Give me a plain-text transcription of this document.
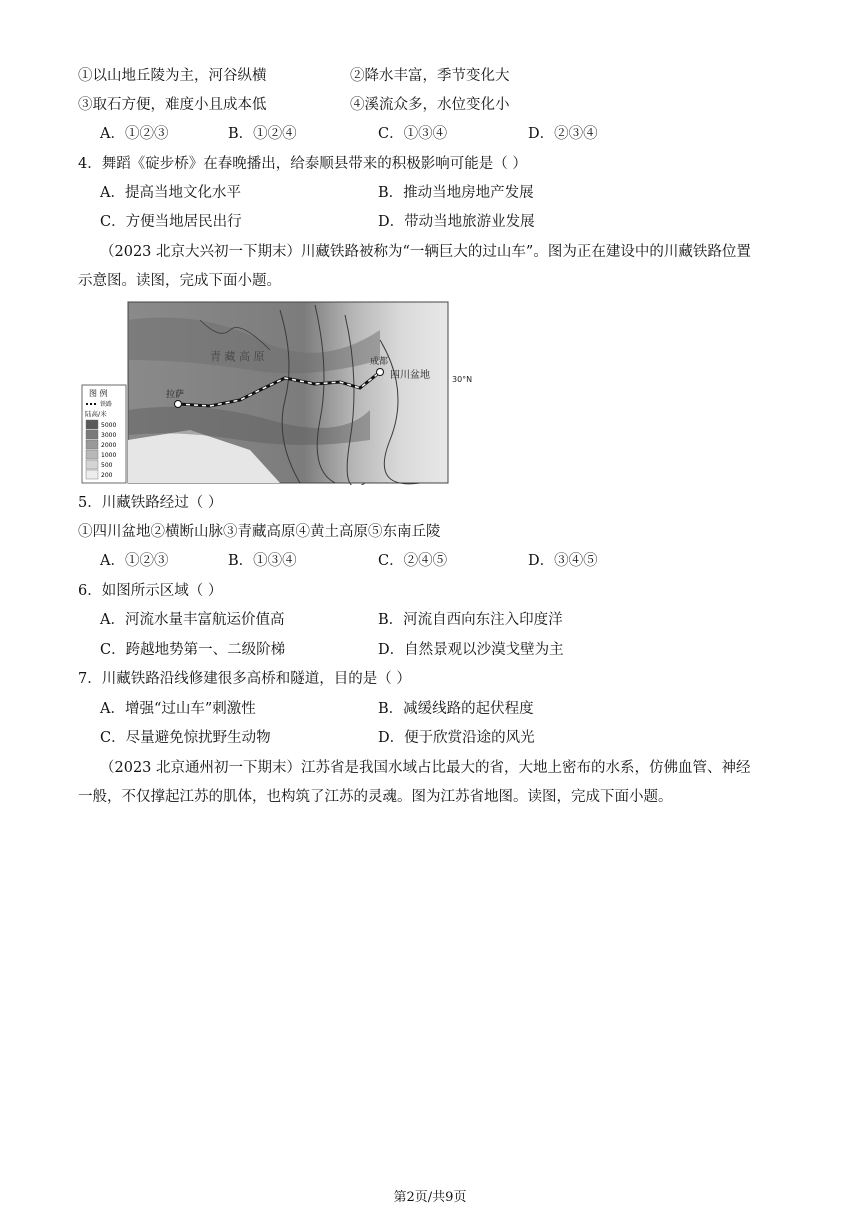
①以山地丘陵为主，河谷纵横	②降水丰富，季节变化大
③取石方便，难度小且成本低	④溪流众多，水位变化小
A．①②③	B．①②④	C．①③④	D．②③④
4．舞蹈《碇步桥》在春晚播出，给泰顺县带来的积极影响可能是（ ）
A．提高当地文化水平	B．推动当地房地产发展
C．方便当地居民出行	D．带动当地旅游业发展
（2023 北京大兴初一下期末）川藏铁路被称为“一辆巨大的过山车”。图为正在建设中的川藏铁路位置
示意图。读图，完成下面小题。
拉萨
成都
四川盆地
青 藏 高 原
30°N
图 例
铁路
陆高/米
5000
3000
2000
1000
500
200
5．川藏铁路经过（ ）
①四川盆地②横断山脉③青藏高原④黄土高原⑤东南丘陵
A．①②③	B．①③④	C．②④⑤	D．③④⑤
6．如图所示区域（ ）
A．河流水量丰富航运价值高	B．河流自西向东注入印度洋
C．跨越地势第一、二级阶梯	D．自然景观以沙漠戈壁为主
7．川藏铁路沿线修建很多高桥和隧道，目的是（ ）
A．增强“过山车”刺激性	B．减缓线路的起伏程度
C．尽量避免惊扰野生动物	D．便于欣赏沿途的风光
（2023 北京通州初一下期末）江苏省是我国水域占比最大的省，大地上密布的水系，仿佛血管、神经
一般，不仅撑起江苏的肌体，也构筑了江苏的灵魂。图为江苏省地图。读图，完成下面小题。
第2页/共9页
